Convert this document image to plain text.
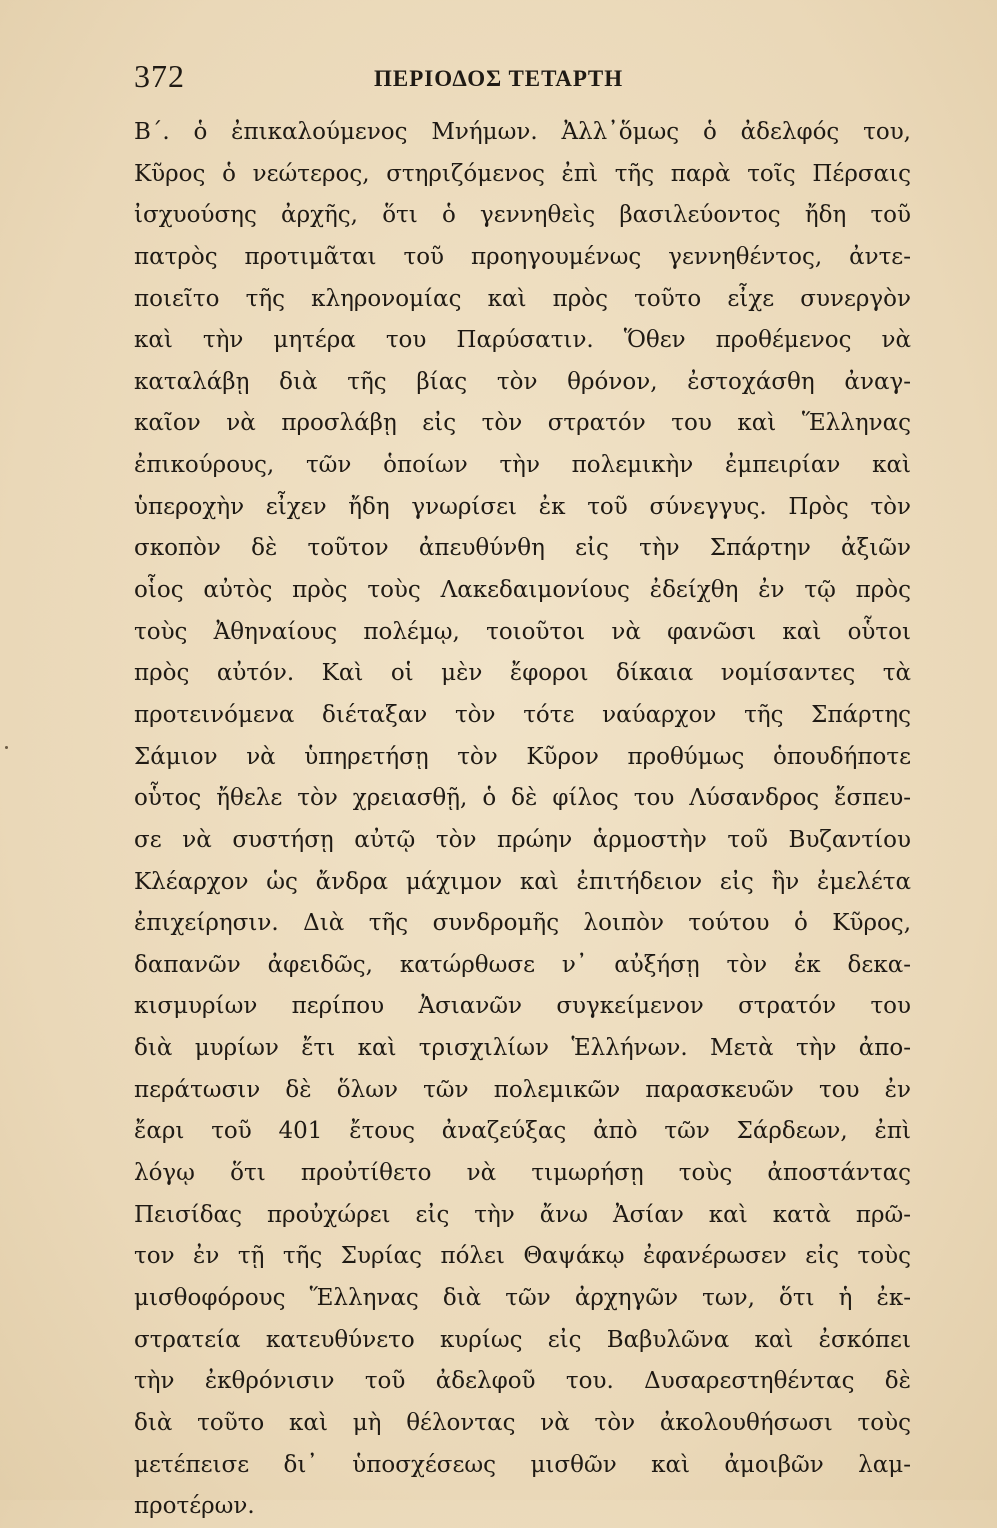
372	ΠΕΡΙΟΔΟΣ ΤΕΤΑΡΤΗ
Β΄. ὁ ἐπικαλούμενος Μνήμων. Ἀλλ᾿ὅμως ὁ ἀδελφός του,
Κῦρος ὁ νεώτερος, στηριζόμενος ἐπὶ τῆς παρὰ τοῖς Πέρσαις
ἰσχυούσης ἀρχῆς, ὅτι ὁ γεννηθεὶς βασιλεύοντος ἤδη τοῦ
πατρὸς προτιμᾶται τοῦ προηγουμένως γεννηθέντος, ἀντε-
ποιεῖτο τῆς κληρονομίας καὶ πρὸς τοῦτο εἶχε συνεργὸν
καὶ τὴν μητέρα του Παρύσατιν. Ὅθεν προθέμενος νὰ
καταλάβῃ διὰ τῆς βίας τὸν θρόνον, ἐστοχάσθη ἀναγ-
καῖον νὰ προσλάβῃ εἰς τὸν στρατόν του καὶ Ἕλληνας
ἐπικούρους, τῶν ὁποίων τὴν πολεμικὴν ἐμπειρίαν καὶ
ὑπεροχὴν εἶχεν ἤδη γνωρίσει ἐκ τοῦ σύνεγγυς. Πρὸς τὸν
σκοπὸν δὲ τοῦτον ἀπευθύνθη εἰς τὴν Σπάρτην ἀξιῶν
οἷος αὐτὸς πρὸς τοὺς Λακεδαιμονίους ἐδείχθη ἐν τῷ πρὸς
τοὺς Ἀθηναίους πολέμῳ, τοιοῦτοι νὰ φανῶσι καὶ οὗτοι
πρὸς αὐτόν. Καὶ οἱ μὲν ἔφοροι δίκαια νομίσαντες τὰ
προτεινόμενα διέταξαν τὸν τότε ναύαρχον τῆς Σπάρτης
Σάμιον νὰ ὑπηρετήσῃ τὸν Κῦρον προθύμως ὁπουδήποτε
οὗτος ἤθελε τὸν χρειασθῇ, ὁ δὲ φίλος του Λύσανδρος ἔσπευ-
σε νὰ συστήσῃ αὐτῷ τὸν πρώην ἁρμοστὴν τοῦ Βυζαντίου
Κλέαρχον ὡς ἄνδρα μάχιμον καὶ ἐπιτήδειον εἰς ἣν ἐμελέτα
ἐπιχείρησιν. Διὰ τῆς συνδρομῆς λοιπὸν τούτου ὁ Κῦρος,
δαπανῶν ἀφειδῶς, κατώρθωσε ν᾿ αὐξήσῃ τὸν ἐκ δεκα-
κισμυρίων περίπου Ἀσιανῶν συγκείμενον στρατόν του
διὰ μυρίων ἔτι καὶ τρισχιλίων Ἑλλήνων. Μετὰ τὴν ἀπο-
περάτωσιν δὲ ὅλων τῶν πολεμικῶν παρασκευῶν του ἐν
ἔαρι τοῦ 401 ἔτους ἀναζεύξας ἀπὸ τῶν Σάρδεων, ἐπὶ
λόγῳ ὅτι προὐτίθετο νὰ τιμωρήσῃ τοὺς ἀποστάντας
Πεισίδας προὐχώρει εἰς τὴν ἄνω Ἀσίαν καὶ κατὰ πρῶ-
τον ἐν τῇ τῆς Συρίας πόλει Θαψάκῳ ἐφανέρωσεν εἰς τοὺς
μισθοφόρους Ἕλληνας διὰ τῶν ἀρχηγῶν των, ὅτι ἡ ἐκ-
στρατεία κατευθύνετο κυρίως εἰς Βαβυλῶνα καὶ ἐσκόπει
τὴν ἐκθρόνισιν τοῦ ἀδελφοῦ του. Δυσαρεστηθέντας δὲ
διὰ τοῦτο καὶ μὴ θέλοντας νὰ τὸν ἀκολουθήσωσι τοὺς
μετέπεισε δι᾿ ὑποσχέσεως μισθῶν καὶ ἀμοιβῶν λαμ-
προτέρων.
